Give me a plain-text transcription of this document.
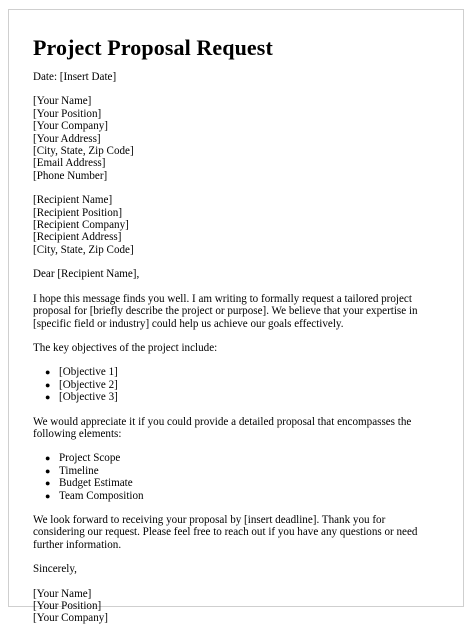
Project Proposal Request

Date: [Insert Date]

[Your Name]
[Your Position]
[Your Company]
[Your Address]
[City, State, Zip Code]
[Email Address]
[Phone Number]
[Recipient Name]
[Recipient Position]
[Recipient Company]
[Recipient Address]
[City, State, Zip Code]

Dear [Recipient Name],

I hope this message finds you well. I am writing to formally request a tailored project
proposal for [briefly describe the project or purpose]. We believe that your expertise in
[specific field or industry] could help us achieve our goals effectively.

The key objectives of the project include:

● [Objective 1]
● [Objective 2]
● [Objective 3]
We would appreciate it if you could provide a detailed proposal that encompasses the
following elements:
● Project Scope
● Timeline
● Budget Estimate
● Team Composition
We look forward to receiving your proposal by [insert deadline]. Thank you for
considering our request. Please feel free to reach out if you have any questions or need
further information.

Sincerely,

[Your Name]
[Your Position]
[Your Company]
